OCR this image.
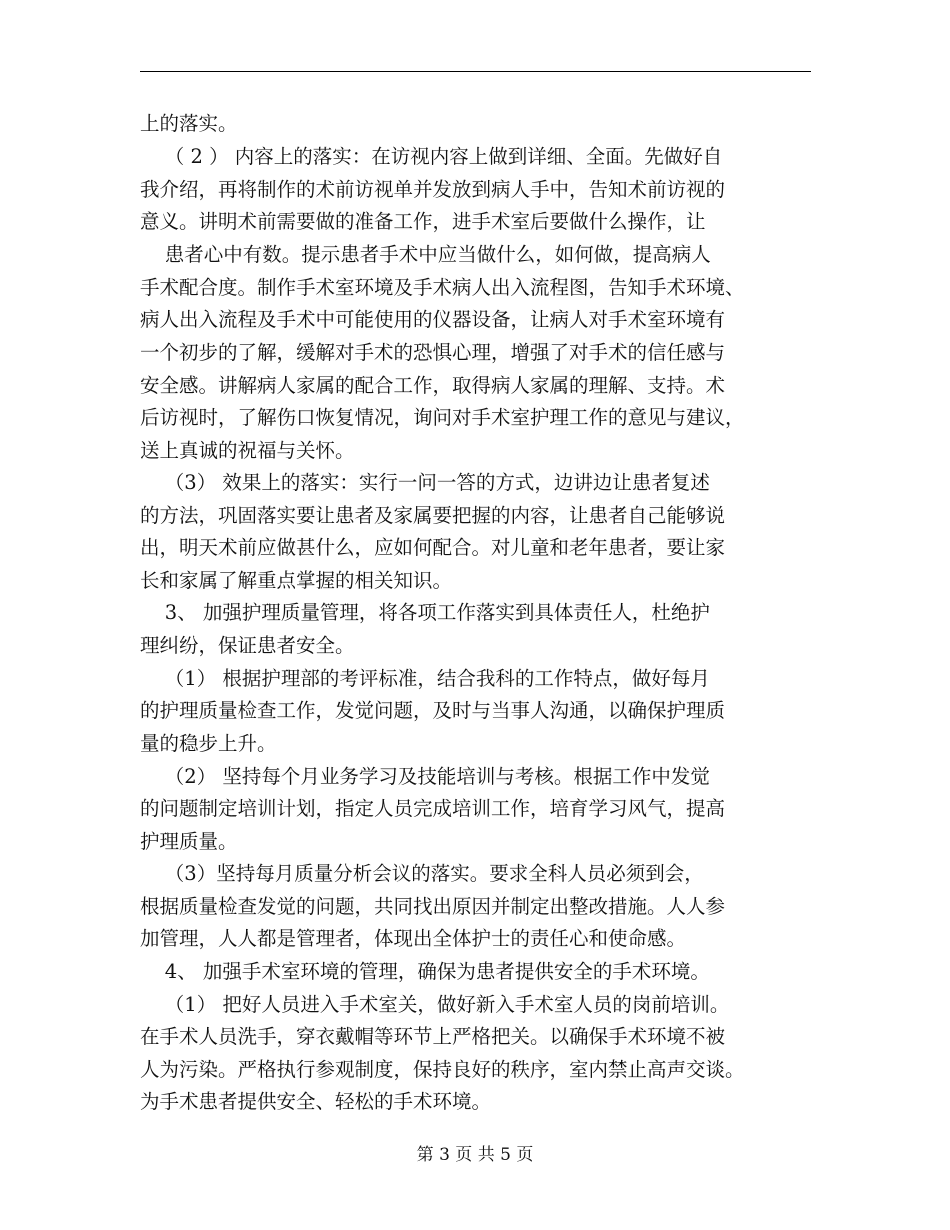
上的落实。
（ 2 ） 内容上的落实：在访视内容上做到详细、全面。先做好自
我介绍，再将制作的术前访视单并发放到病人手中，告知术前访视的
意义。讲明术前需要做的准备工作，进手术室后要做什么操作，让
患者心中有数。提示患者手术中应当做什么，如何做，提高病人
手术配合度。制作手术室环境及手术病人出入流程图，告知手术环境、
病人出入流程及手术中可能使用的仪器设备，让病人对手术室环境有
一个初步的了解，缓解对手术的恐惧心理，增强了对手术的信任感与
安全感。讲解病人家属的配合工作，取得病人家属的理解、支持。术
后访视时，了解伤口恢复情况，询问对手术室护理工作的意见与建议，
送上真诚的祝福与关怀。
（3） 效果上的落实：实行一问一答的方式，边讲边让患者复述
的方法，巩固落实要让患者及家属要把握的内容，让患者自己能够说
出，明天术前应做甚什么，应如何配合。对儿童和老年患者，要让家
长和家属了解重点掌握的相关知识。
3、 加强护理质量管理，将各项工作落实到具体责任人，杜绝护
理纠纷，保证患者安全。
（1） 根据护理部的考评标准，结合我科的工作特点，做好每月
的护理质量检查工作，发觉问题，及时与当事人沟通，以确保护理质
量的稳步上升。
（2） 坚持每个月业务学习及技能培训与考核。根据工作中发觉
的问题制定培训计划，指定人员完成培训工作，培育学习风气，提高
护理质量。
（3）坚持每月质量分析会议的落实。要求全科人员必须到会，
根据质量检查发觉的问题，共同找出原因并制定出整改措施。人人参
加管理，人人都是管理者，体现出全体护士的责任心和使命感。
4、 加强手术室环境的管理，确保为患者提供安全的手术环境。
（1） 把好人员进入手术室关，做好新入手术室人员的岗前培训。
在手术人员洗手，穿衣戴帽等环节上严格把关。以确保手术环境不被
人为污染。严格执行参观制度，保持良好的秩序，室内禁止高声交谈。
为手术患者提供安全、轻松的手术环境。
第 3 页 共 5 页
